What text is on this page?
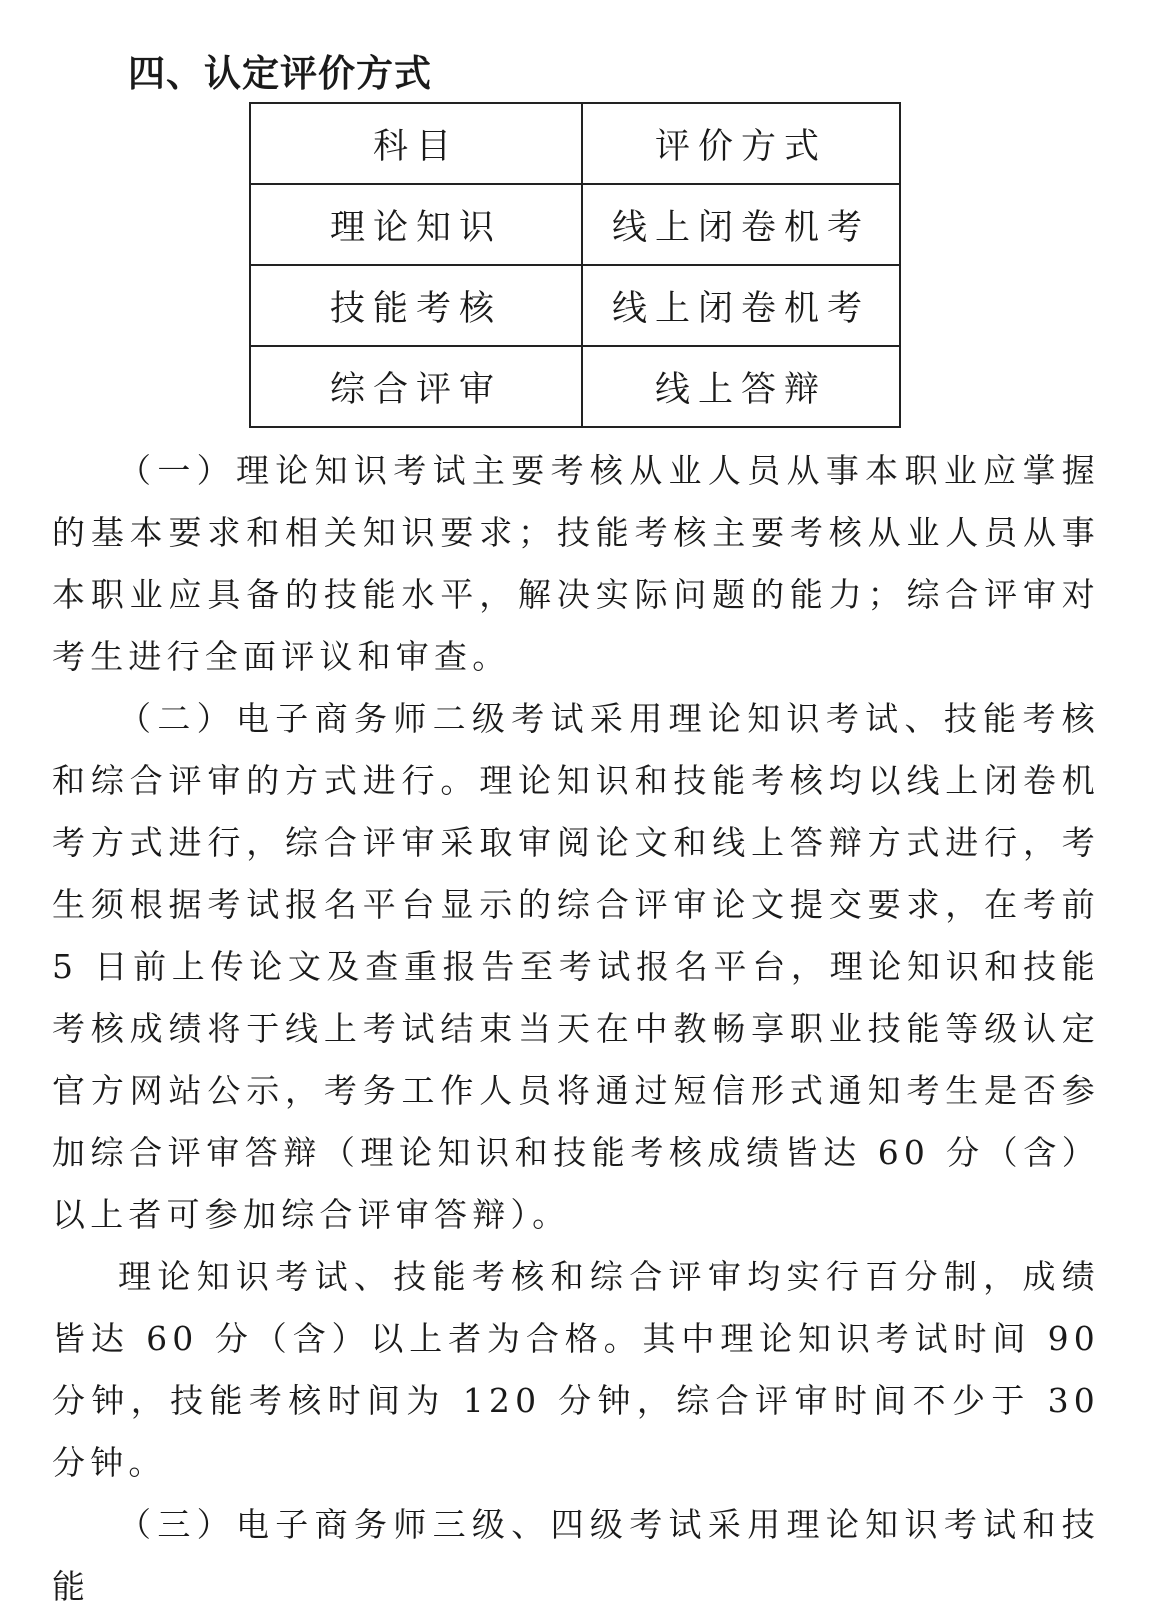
四、认定评价方式
科目	评价方式
理论知识	线上闭卷机考
技能考核	线上闭卷机考
综合评审	线上答辩

（一）理论知识考试主要考核从业人员从事本职业应掌握的基本要求和相关知识要求；技能考核主要考核从业人员从事本职业应具备的技能水平，解决实际问题的能力；综合评审对考生进行全面评议和审查。

（二）电子商务师二级考试采用理论知识考试、技能考核和综合评审的方式进行。理论知识和技能考核均以线上闭卷机考方式进行，综合评审采取审阅论文和线上答辩方式进行，考生须根据考试报名平台显示的综合评审论文提交要求，在考前 5 日前上传论文及查重报告至考试报名平台，理论知识和技能考核成绩将于线上考试结束当天在中教畅享职业技能等级认定官方网站公示，考务工作人员将通过短信形式通知考生是否参加综合评审答辩（理论知识和技能考核成绩皆达 60 分（含）以上者可参加综合评审答辩）。

理论知识考试、技能考核和综合评审均实行百分制，成绩皆达 60 分（含）以上者为合格。其中理论知识考试时间 90 分钟，技能考核时间为 120 分钟，综合评审时间不少于 30 分钟。

（三）电子商务师三级、四级考试采用理论知识考试和技能
